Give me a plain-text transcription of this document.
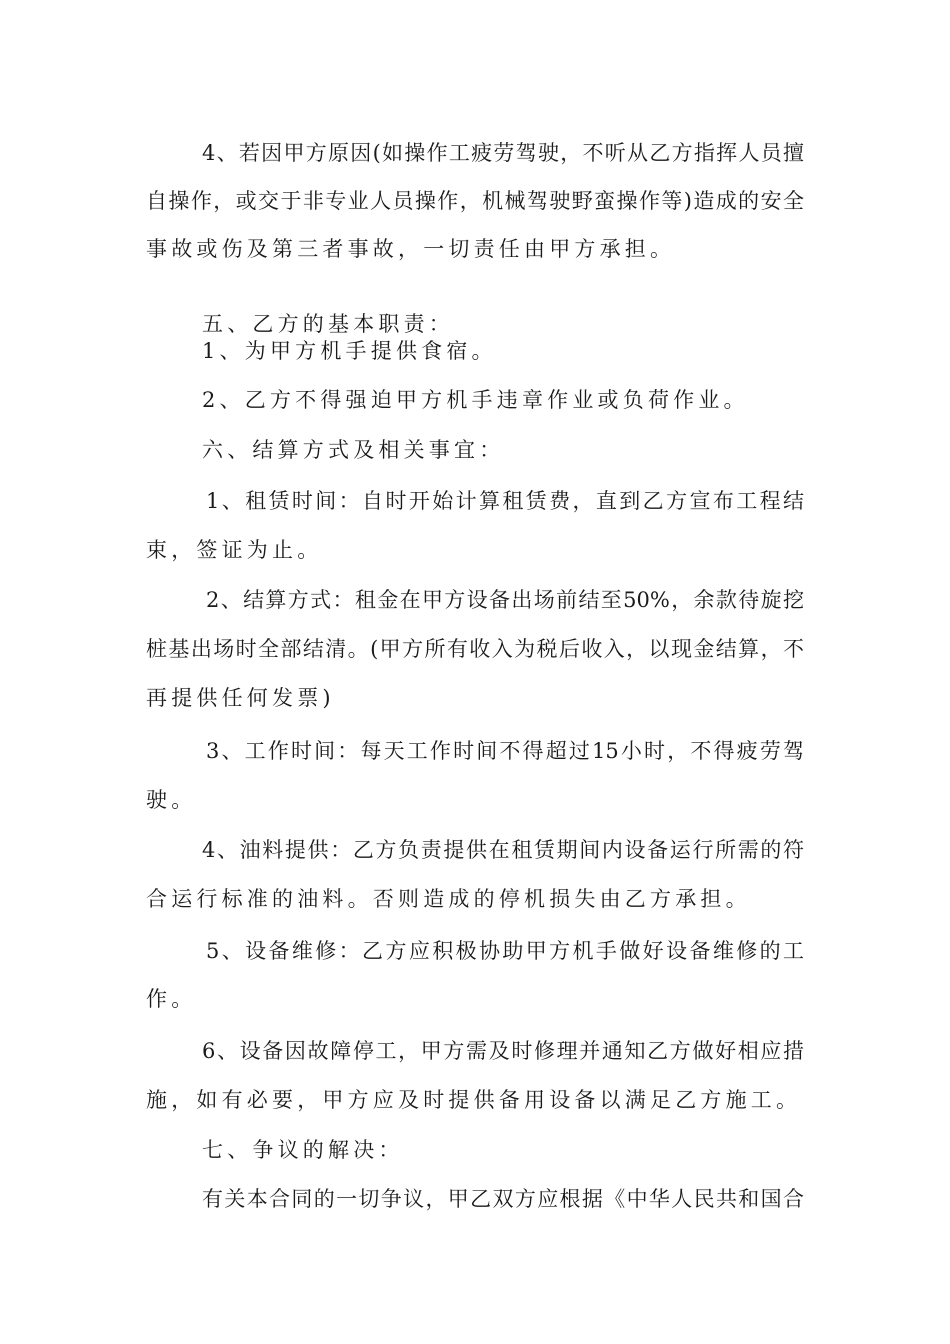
4、若因甲方原因(如操作工疲劳驾驶，不听从乙方指挥人员擅
自操作，或交于非专业人员操作，机械驾驶野蛮操作等)造成的安全
事故或伤及第三者事故，一切责任由甲方承担。
五、乙方的基本职责：
1、为甲方机手提供食宿。
2、乙方不得强迫甲方机手违章作业或负荷作业。
六、结算方式及相关事宜：
1、租赁时间：自时开始计算租赁费，直到乙方宣布工程结
束，签证为止。
2、结算方式：租金在甲方设备出场前结至50%，余款待旋挖
桩基出场时全部结清。(甲方所有收入为税后收入，以现金结算，不
再提供任何发票)
3、工作时间：每天工作时间不得超过15小时，不得疲劳驾
驶。
4、油料提供：乙方负责提供在租赁期间内设备运行所需的符
合运行标准的油料。否则造成的停机损失由乙方承担。
5、设备维修：乙方应积极协助甲方机手做好设备维修的工
作。
6、设备因故障停工，甲方需及时修理并通知乙方做好相应措
施，如有必要，甲方应及时提供备用设备以满足乙方施工。
七、争议的解决：
有关本合同的一切争议，甲乙双方应根据《中华人民共和国合
